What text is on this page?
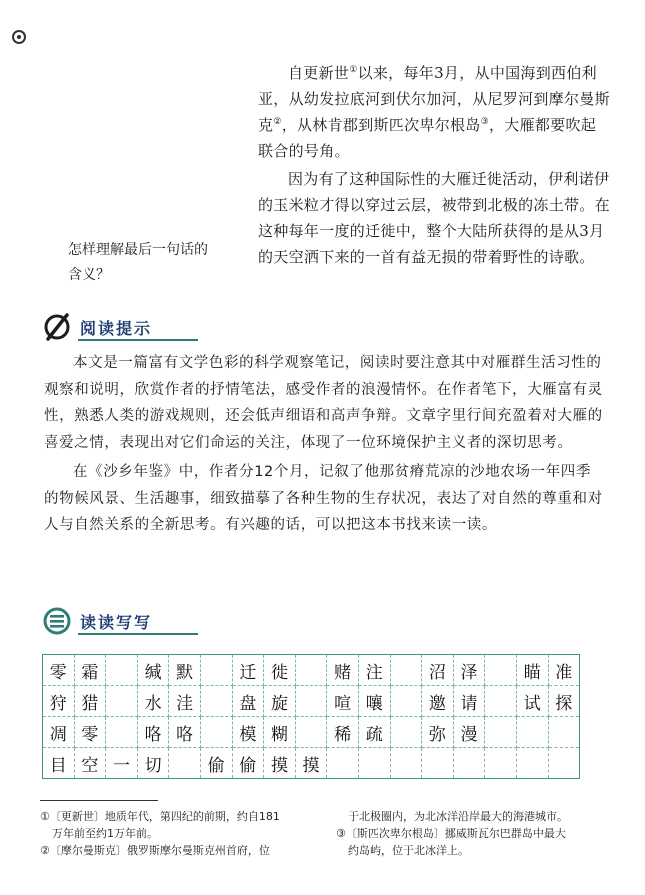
自更新世①以来，每年3月，从中国海到西伯利亚，从幼发拉底河到伏尔加河，从尼罗河到摩尔曼斯克②，从林肯郡到斯匹次卑尔根岛③，大雁都要吹起联合的号角。

因为有了这种国际性的大雁迁徙活动，伊利诺伊的玉米粒才得以穿过云层，被带到北极的冻土带。在这种每年一度的迁徙中，整个大陆所获得的是从3月的天空洒下来的一首有益无损的带着野性的诗歌。

怎样理解最后一句话的含义？
阅读提示

本文是一篇富有文学色彩的科学观察笔记，阅读时要注意其中对雁群生活习性的观察和说明，欣赏作者的抒情笔法，感受作者的浪漫情怀。在作者笔下，大雁富有灵性，熟悉人类的游戏规则，还会低声细语和高声争辩。文章字里行间充盈着对大雁的喜爱之情，表现出对它们命运的关注，体现了一位环境保护主义者的深切思考。

在《沙乡年鉴》中，作者分12个月，记叙了他那贫瘠荒凉的沙地农场一年四季的物候风景、生活趣事，细致描摹了各种生物的生存状况，表达了对自然的尊重和对人与自然关系的全新思考。有兴趣的话，可以把这本书找来读一读。

读读写写
零	霜		缄	默		迁	徙		赌	注		沼	泽		瞄	准
狩	猎		水	洼		盘	旋		喧	嚷		邀	请		试	探
凋	零		咯	咯		模	糊		稀	疏		弥	漫			
目	空	一	切		偷	偷	摸	摸								
①〔更新世〕地质年代，第四纪的前期，约自181
万年前至约1万年前。
②〔摩尔曼斯克〕俄罗斯摩尔曼斯克州首府，位
于北极圈内，为北冰洋沿岸最大的海港城市。
③〔斯匹次卑尔根岛〕挪威斯瓦尔巴群岛中最大
约岛屿，位于北冰洋上。
